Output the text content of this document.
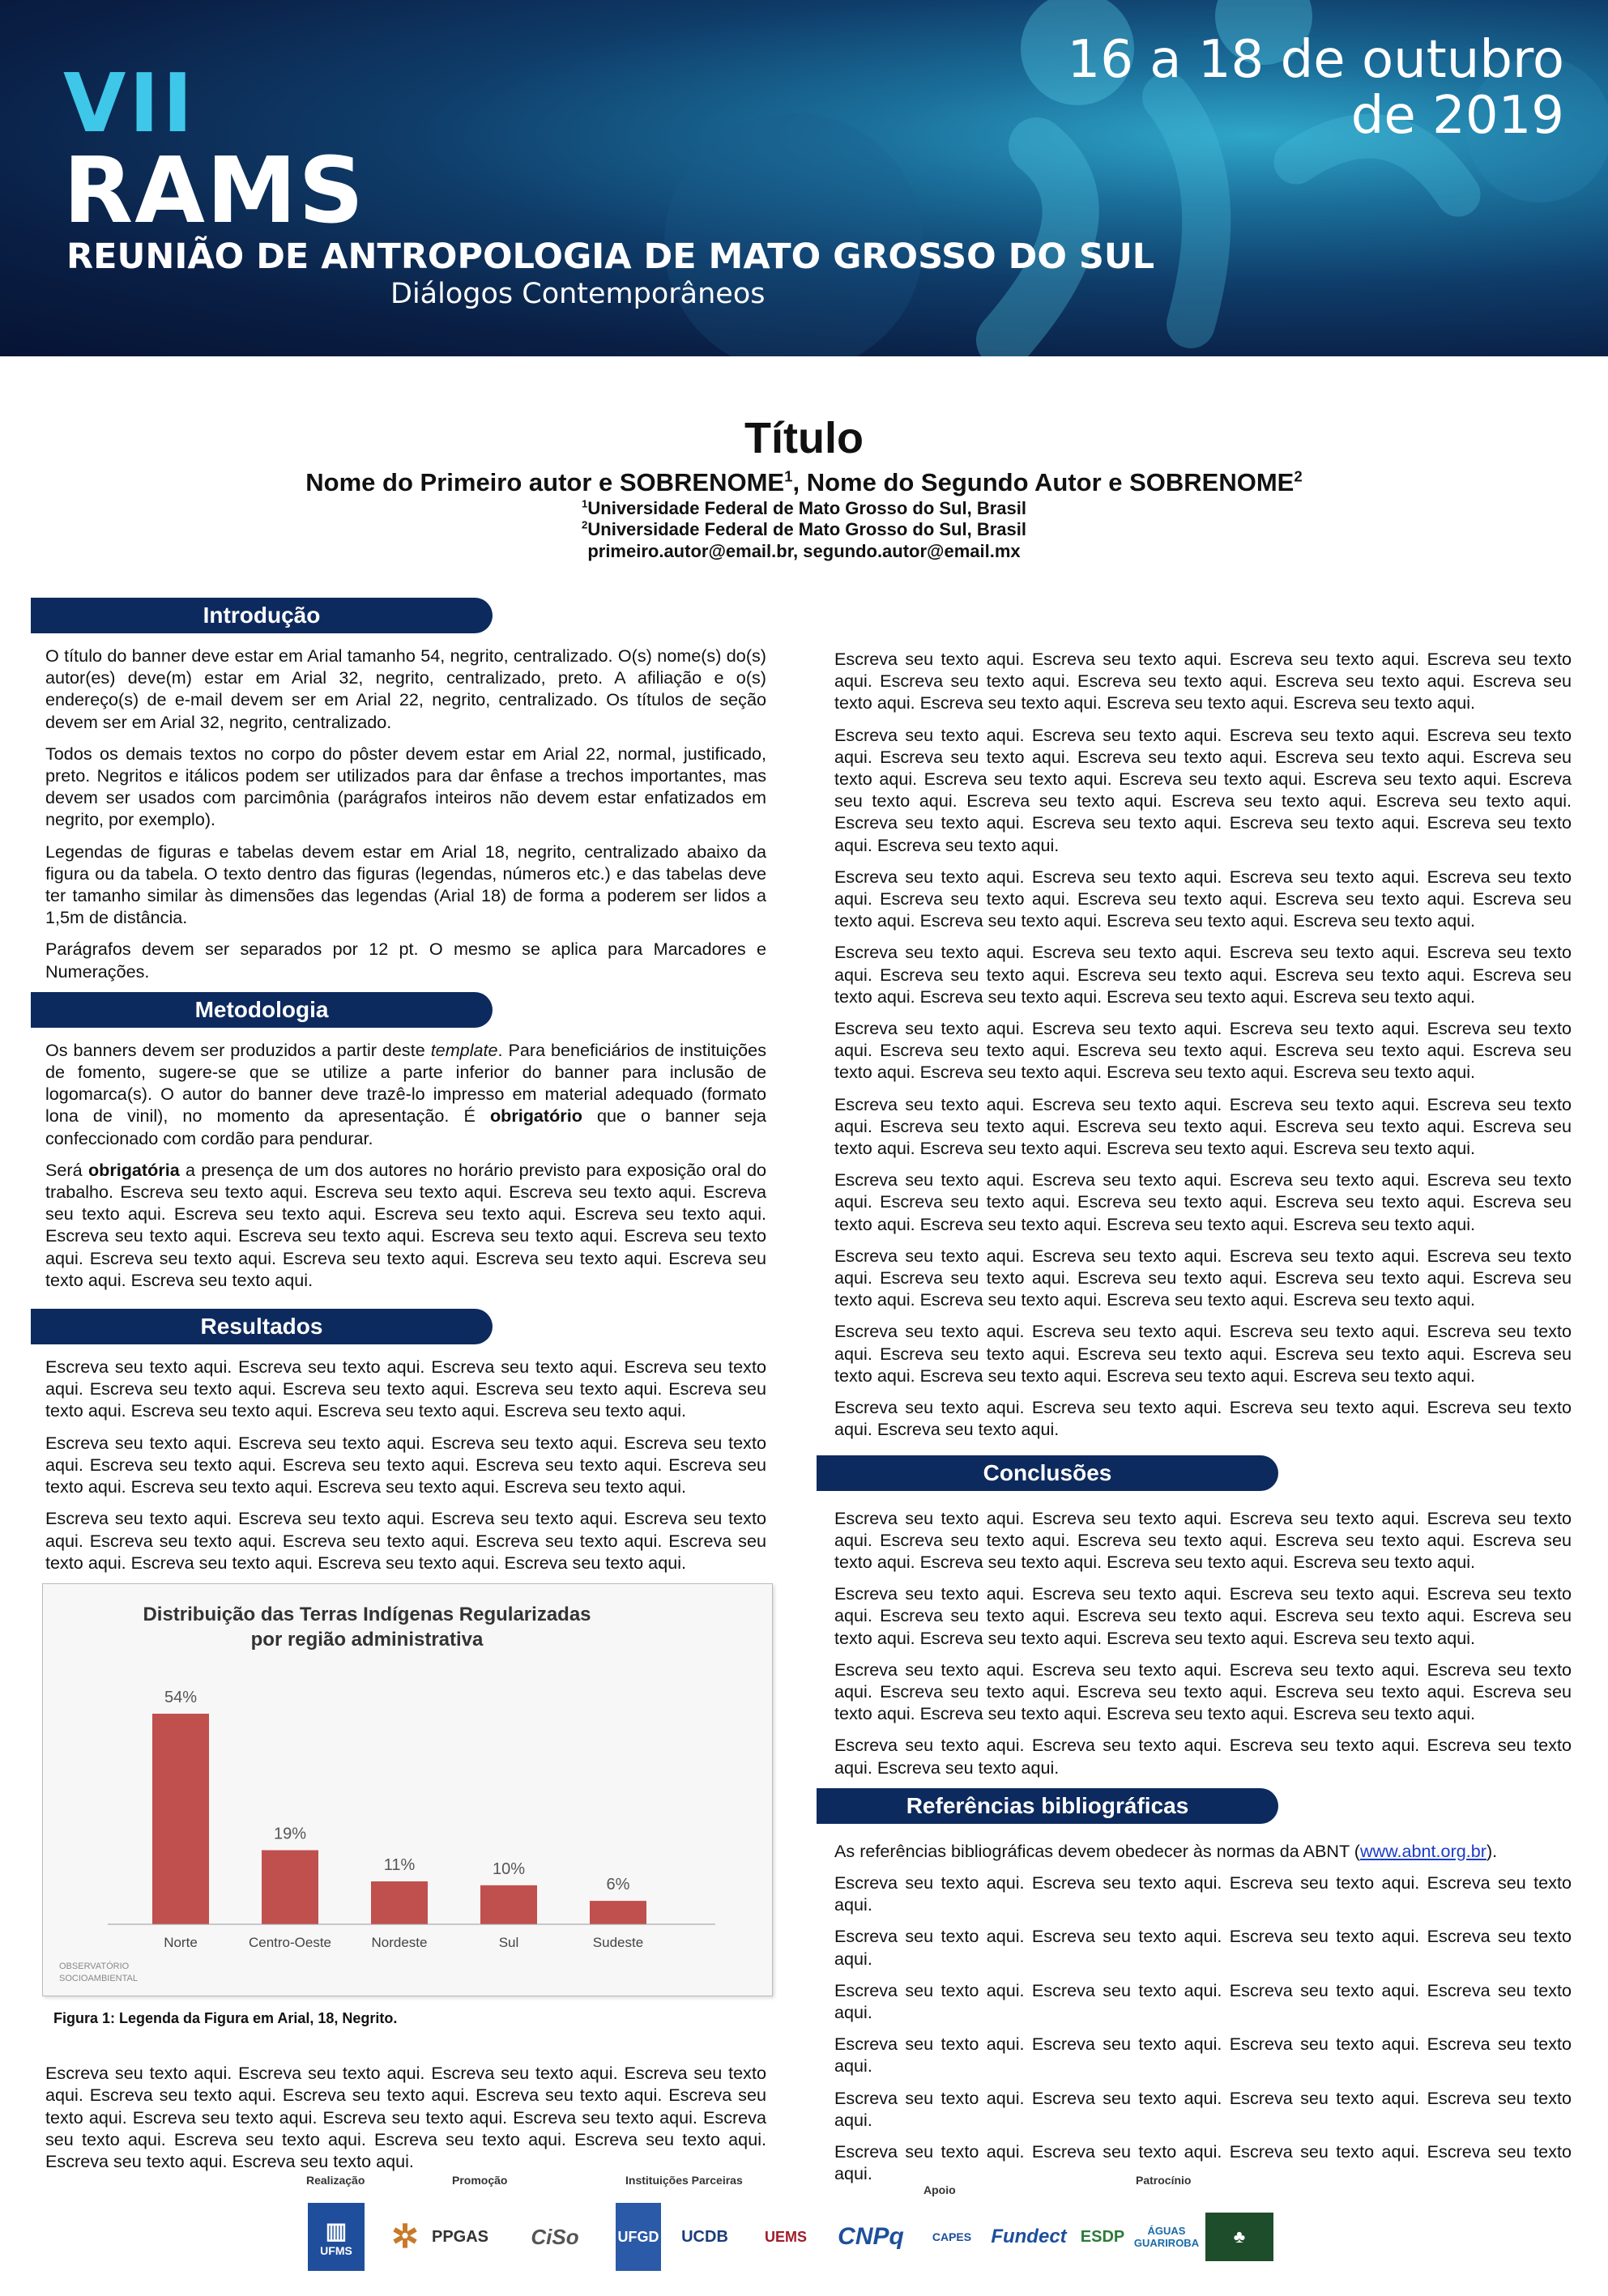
VII
RAMS
REUNIÃO DE ANTROPOLOGIA DE MATO GROSSO DO SUL
Diálogos Contemporâneos
16 a 18 de outubro
de 2019
Título
Nome do Primeiro autor e SOBRENOME$^1$, Nome do Segundo Autor e SOBRENOME$^2$
$^1$Universidade Federal de Mato Grosso do Sul, Brasil
$^2$Universidade Federal de Mato Grosso do Sul, Brasil
primeiro.autor@email.br, segundo.autor@email.mx
Introdução

O título do banner deve estar em Arial tamanho 54, negrito, centralizado. O(s) nome(s) do(s) autor(es) deve(m) estar em Arial 32, negrito, centralizado, preto. A afiliação e o(s) endereço(s) de e-mail devem ser em Arial 22, negrito, centralizado. Os títulos de seção devem ser em Arial 32, negrito, centralizado.

Todos os demais textos no corpo do pôster devem estar em Arial 22, normal, justificado, preto. Negritos e itálicos podem ser utilizados para dar ênfase a trechos importantes, mas devem ser usados com parcimônia (parágrafos inteiros não devem estar enfatizados em negrito, por exemplo).

Legendas de figuras e tabelas devem estar em Arial 18, negrito, centralizado abaixo da figura ou da tabela. O texto dentro das figuras (legendas, números etc.) e das tabelas deve ter tamanho similar às dimensões das legendas (Arial 18) de forma a poderem ser lidos a 1,5m de distância.

Parágrafos devem ser separados por 12 pt. O mesmo se aplica para Marcadores e Numerações.

Metodologia

Os banners devem ser produzidos a partir deste template. Para beneficiários de instituições de fomento, sugere-se que se utilize a parte inferior do banner para inclusão de logomarca(s). O autor do banner deve trazê-lo impresso em material adequado (formato lona de vinil), no momento da apresentação. É obrigatório que o banner seja confeccionado com cordão para pendurar.

Será obrigatória a presença de um dos autores no horário previsto para exposição oral do trabalho. Escreva seu texto aqui. Escreva seu texto aqui. Escreva seu texto aqui. Escreva seu texto aqui. Escreva seu texto aqui. Escreva seu texto aqui. Escreva seu texto aqui. Escreva seu texto aqui. Escreva seu texto aqui. Escreva seu texto aqui. Escreva seu texto aqui. Escreva seu texto aqui. Escreva seu texto aqui. Escreva seu texto aqui. Escreva seu texto aqui. Escreva seu texto aqui.

Resultados

Escreva seu texto aqui. Escreva seu texto aqui. Escreva seu texto aqui. Escreva seu texto aqui. Escreva seu texto aqui. Escreva seu texto aqui. Escreva seu texto aqui. Escreva seu texto aqui. Escreva seu texto aqui. Escreva seu texto aqui. Escreva seu texto aqui.

Escreva seu texto aqui. Escreva seu texto aqui. Escreva seu texto aqui. Escreva seu texto aqui. Escreva seu texto aqui. Escreva seu texto aqui. Escreva seu texto aqui. Escreva seu texto aqui. Escreva seu texto aqui. Escreva seu texto aqui. Escreva seu texto aqui.

Escreva seu texto aqui. Escreva seu texto aqui. Escreva seu texto aqui. Escreva seu texto aqui. Escreva seu texto aqui. Escreva seu texto aqui. Escreva seu texto aqui. Escreva seu texto aqui. Escreva seu texto aqui. Escreva seu texto aqui. Escreva seu texto aqui.

Distribuição das Terras Indígenas Regularizadas
por região administrativa
54%
Norte
19%
Centro-Oeste
11%
Nordeste
10%
Sul
6%
Sudeste
OBSERVATÓRIO
SOCIOAMBIENTAL
Figura 1: Legenda da Figura em Arial, 18, Negrito.

Escreva seu texto aqui. Escreva seu texto aqui. Escreva seu texto aqui. Escreva seu texto aqui. Escreva seu texto aqui. Escreva seu texto aqui. Escreva seu texto aqui. Escreva seu texto aqui. Escreva seu texto aqui. Escreva seu texto aqui. Escreva seu texto aqui. Escreva seu texto aqui. Escreva seu texto aqui. Escreva seu texto aqui. Escreva seu texto aqui. Escreva seu texto aqui. Escreva seu texto aqui.

Escreva seu texto aqui. Escreva seu texto aqui. Escreva seu texto aqui. Escreva seu texto aqui. Escreva seu texto aqui. Escreva seu texto aqui. Escreva seu texto aqui. Escreva seu texto aqui. Escreva seu texto aqui. Escreva seu texto aqui. Escreva seu texto aqui.

Escreva seu texto aqui. Escreva seu texto aqui. Escreva seu texto aqui. Escreva seu texto aqui. Escreva seu texto aqui. Escreva seu texto aqui. Escreva seu texto aqui. Escreva seu texto aqui. Escreva seu texto aqui. Escreva seu texto aqui. Escreva seu texto aqui. Escreva seu texto aqui. Escreva seu texto aqui. Escreva seu texto aqui. Escreva seu texto aqui. Escreva seu texto aqui. Escreva seu texto aqui. Escreva seu texto aqui. Escreva seu texto aqui. Escreva seu texto aqui.

Escreva seu texto aqui. Escreva seu texto aqui. Escreva seu texto aqui. Escreva seu texto aqui. Escreva seu texto aqui. Escreva seu texto aqui. Escreva seu texto aqui. Escreva seu texto aqui. Escreva seu texto aqui. Escreva seu texto aqui. Escreva seu texto aqui.

Escreva seu texto aqui. Escreva seu texto aqui. Escreva seu texto aqui. Escreva seu texto aqui. Escreva seu texto aqui. Escreva seu texto aqui. Escreva seu texto aqui. Escreva seu texto aqui. Escreva seu texto aqui. Escreva seu texto aqui. Escreva seu texto aqui.

Escreva seu texto aqui. Escreva seu texto aqui. Escreva seu texto aqui. Escreva seu texto aqui. Escreva seu texto aqui. Escreva seu texto aqui. Escreva seu texto aqui. Escreva seu texto aqui. Escreva seu texto aqui. Escreva seu texto aqui. Escreva seu texto aqui.

Escreva seu texto aqui. Escreva seu texto aqui. Escreva seu texto aqui. Escreva seu texto aqui. Escreva seu texto aqui. Escreva seu texto aqui. Escreva seu texto aqui. Escreva seu texto aqui. Escreva seu texto aqui. Escreva seu texto aqui. Escreva seu texto aqui.

Escreva seu texto aqui. Escreva seu texto aqui. Escreva seu texto aqui. Escreva seu texto aqui. Escreva seu texto aqui. Escreva seu texto aqui. Escreva seu texto aqui. Escreva seu texto aqui. Escreva seu texto aqui. Escreva seu texto aqui. Escreva seu texto aqui.

Escreva seu texto aqui. Escreva seu texto aqui. Escreva seu texto aqui. Escreva seu texto aqui. Escreva seu texto aqui. Escreva seu texto aqui. Escreva seu texto aqui. Escreva seu texto aqui. Escreva seu texto aqui. Escreva seu texto aqui. Escreva seu texto aqui.

Escreva seu texto aqui. Escreva seu texto aqui. Escreva seu texto aqui. Escreva seu texto aqui. Escreva seu texto aqui. Escreva seu texto aqui. Escreva seu texto aqui. Escreva seu texto aqui. Escreva seu texto aqui. Escreva seu texto aqui. Escreva seu texto aqui.

Escreva seu texto aqui. Escreva seu texto aqui. Escreva seu texto aqui. Escreva seu texto aqui. Escreva seu texto aqui.

Conclusões

Escreva seu texto aqui. Escreva seu texto aqui. Escreva seu texto aqui. Escreva seu texto aqui. Escreva seu texto aqui. Escreva seu texto aqui. Escreva seu texto aqui. Escreva seu texto aqui. Escreva seu texto aqui. Escreva seu texto aqui. Escreva seu texto aqui.

Escreva seu texto aqui. Escreva seu texto aqui. Escreva seu texto aqui. Escreva seu texto aqui. Escreva seu texto aqui. Escreva seu texto aqui. Escreva seu texto aqui. Escreva seu texto aqui. Escreva seu texto aqui. Escreva seu texto aqui. Escreva seu texto aqui.

Escreva seu texto aqui. Escreva seu texto aqui. Escreva seu texto aqui. Escreva seu texto aqui. Escreva seu texto aqui. Escreva seu texto aqui. Escreva seu texto aqui. Escreva seu texto aqui. Escreva seu texto aqui. Escreva seu texto aqui. Escreva seu texto aqui.

Escreva seu texto aqui. Escreva seu texto aqui. Escreva seu texto aqui. Escreva seu texto aqui. Escreva seu texto aqui.

Referências bibliográficas

As referências bibliográficas devem obedecer às normas da ABNT (www.abnt.org.br).

Escreva seu texto aqui. Escreva seu texto aqui. Escreva seu texto aqui. Escreva seu texto aqui.

Escreva seu texto aqui. Escreva seu texto aqui. Escreva seu texto aqui. Escreva seu texto aqui.

Escreva seu texto aqui. Escreva seu texto aqui. Escreva seu texto aqui. Escreva seu texto aqui.

Escreva seu texto aqui. Escreva seu texto aqui. Escreva seu texto aqui. Escreva seu texto aqui.

Escreva seu texto aqui. Escreva seu texto aqui. Escreva seu texto aqui. Escreva seu texto aqui.

Escreva seu texto aqui. Escreva seu texto aqui. Escreva seu texto aqui. Escreva seu texto aqui.

Realização	Promoção	Instituições Parceiras
Apoio
Patrocínio
▥
UFMS	✲ PPGAS	CiSo	UFGD	UCDB	UEMS	CNPq	CAPES	Fundect ESDP	ÁGUAS GUARIROBA	♣
